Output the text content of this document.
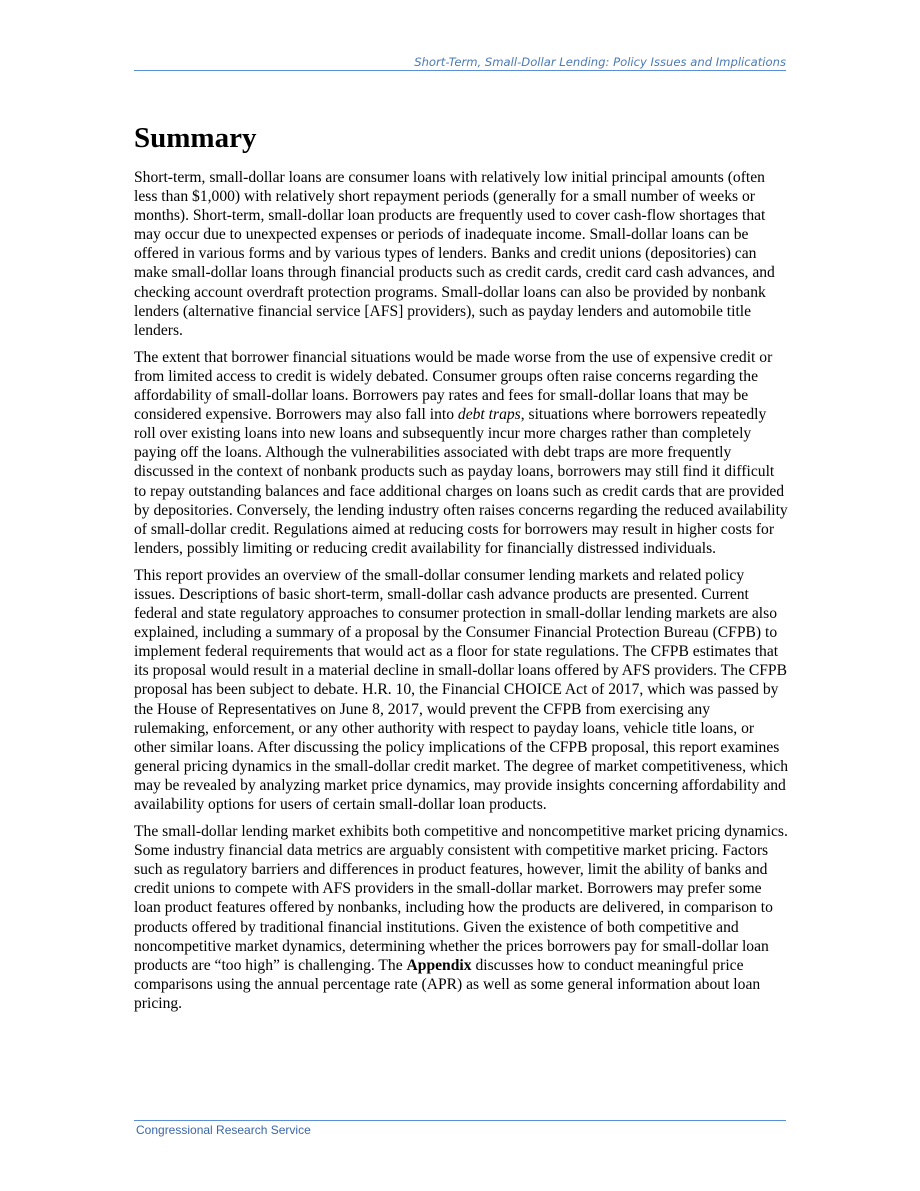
Short-Term, Small-Dollar Lending: Policy Issues and Implications
Summary

Short-term, small-dollar loans are consumer loans with relatively low initial principal amounts (often less than $1,000) with relatively short repayment periods (generally for a small number of weeks or months). Short-term, small-dollar loan products are frequently used to cover cash-flow shortages that may occur due to unexpected expenses or periods of inadequate income. Small-dollar loans can be offered in various forms and by various types of lenders. Banks and credit unions (depositories) can make small-dollar loans through financial products such as credit cards, credit card cash advances, and checking account overdraft protection programs. Small-dollar loans can also be provided by nonbank lenders (alternative financial service [AFS] providers), such as payday lenders and automobile title lenders.

The extent that borrower financial situations would be made worse from the use of expensive credit or from limited access to credit is widely debated. Consumer groups often raise concerns regarding the affordability of small-dollar loans. Borrowers pay rates and fees for small-dollar loans that may be considered expensive. Borrowers may also fall into debt traps, situations where borrowers repeatedly roll over existing loans into new loans and subsequently incur more charges rather than completely paying off the loans. Although the vulnerabilities associated with debt traps are more frequently discussed in the context of nonbank products such as payday loans, borrowers may still find it difficult to repay outstanding balances and face additional charges on loans such as credit cards that are provided by depositories. Conversely, the lending industry often raises concerns regarding the reduced availability of small-dollar credit. Regulations aimed at reducing costs for borrowers may result in higher costs for lenders, possibly limiting or reducing credit availability for financially distressed individuals.

This report provides an overview of the small-dollar consumer lending markets and related policy issues. Descriptions of basic short-term, small-dollar cash advance products are presented. Current federal and state regulatory approaches to consumer protection in small-dollar lending markets are also explained, including a summary of a proposal by the Consumer Financial Protection Bureau (CFPB) to implement federal requirements that would act as a floor for state regulations. The CFPB estimates that its proposal would result in a material decline in small-dollar loans offered by AFS providers. The CFPB proposal has been subject to debate. H.R. 10, the Financial CHOICE Act of 2017, which was passed by the House of Representatives on June 8, 2017, would prevent the CFPB from exercising any rulemaking, enforcement, or any other authority with respect to payday loans, vehicle title loans, or other similar loans. After discussing the policy implications of the CFPB proposal, this report examines general pricing dynamics in the small-dollar credit market. The degree of market competitiveness, which may be revealed by analyzing market price dynamics, may provide insights concerning affordability and availability options for users of certain small-dollar loan products.

The small-dollar lending market exhibits both competitive and noncompetitive market pricing dynamics. Some industry financial data metrics are arguably consistent with competitive market pricing. Factors such as regulatory barriers and differences in product features, however, limit the ability of banks and credit unions to compete with AFS providers in the small-dollar market. Borrowers may prefer some loan product features offered by nonbanks, including how the products are delivered, in comparison to products offered by traditional financial institutions. Given the existence of both competitive and noncompetitive market dynamics, determining whether the prices borrowers pay for small-dollar loan products are “too high” is challenging. The Appendix discusses how to conduct meaningful price comparisons using the annual percentage rate (APR) as well as some general information about loan pricing.

Congressional Research Service
